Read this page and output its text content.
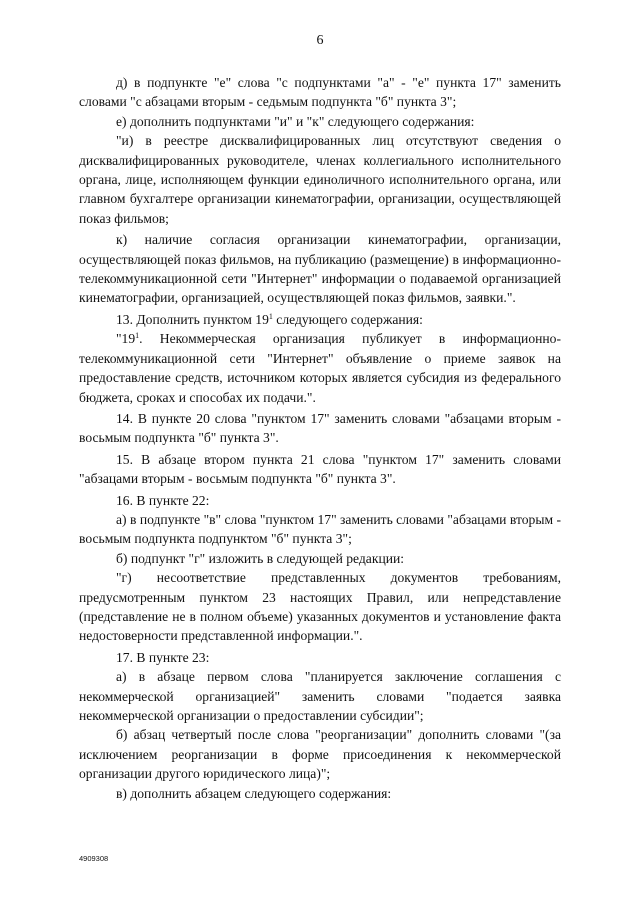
6

д) в подпункте "е" слова "с подпунктами "а" - "е" пункта 17" заменить словами "с абзацами вторым - седьмым подпункта "б" пункта 3";

е) дополнить подпунктами "и" и "к" следующего содержания:

"и) в реестре дисквалифицированных лиц отсутствуют сведения о дисквалифицированных руководителе, членах коллегиального исполнительного органа, лице, исполняющем функции единоличного исполнительного органа, или главном бухгалтере организации кинематографии, организации, осуществляющей показ фильмов;

к) наличие согласия организации кинематографии, организации, осуществляющей показ фильмов, на публикацию (размещение) в информационно-телекоммуникационной сети "Интернет" информации о подаваемой организацией кинематографии, организацией, осуществляющей показ фильмов, заявки.".

13. Дополнить пунктом $19^1$ следующего содержания:

"$19^1$. Некоммерческая организация публикует в информационно-телекоммуникационной сети "Интернет" объявление о приеме заявок на предоставление средств, источником которых является субсидия из федерального бюджета, сроках и способах их подачи.".

14. В пункте 20 слова "пунктом 17" заменить словами "абзацами вторым - восьмым подпункта "б" пункта 3".

15. В абзаце втором пункта 21 слова "пунктом 17" заменить словами "абзацами вторым - восьмым подпункта "б" пункта 3".

16. В пункте 22:

а) в подпункте "в" слова "пунктом 17" заменить словами "абзацами вторым - восьмым подпункта подпунктом "б" пункта 3";

б) подпункт "г" изложить в следующей редакции:

"г) несоответствие представленных документов требованиям, предусмотренным пунктом 23 настоящих Правил, или непредставление (представление не в полном объеме) указанных документов и установление факта недостоверности представленной информации.".

17. В пункте 23:

а) в абзаце первом слова "планируется заключение соглашения с некоммерческой организацией" заменить словами "подается заявка некоммерческой организации о предоставлении субсидии";

б) абзац четвертый после слова "реорганизации" дополнить словами "(за исключением реорганизации в форме присоединения к некоммерческой организации другого юридического лица)";

в) дополнить абзацем следующего содержания:

4909308
